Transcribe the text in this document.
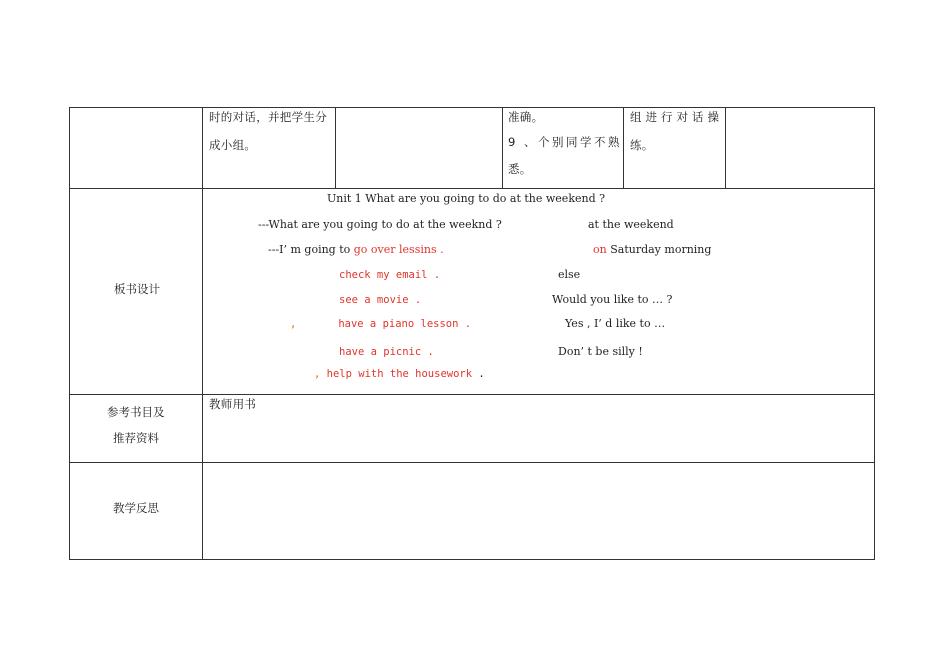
时的对话，并把学生分
成小组。
准确。
9 、个别同学不熟
悉。
组进行对话操
练。
板书设计
Unit 1 What are you going to do at the weekend ?
---What are you going to do at the weeknd ?
---I’ m going to go over lessins .
check my email .
see a movie .
,	have a piano lesson .
have a picnic .
, help with the housework .
at the weekend
on Saturday morning
else
Would you like to … ?
Yes , I’ d like to …
Don’ t be silly !
参考书目及
推荐资料
教师用书
教学反思
